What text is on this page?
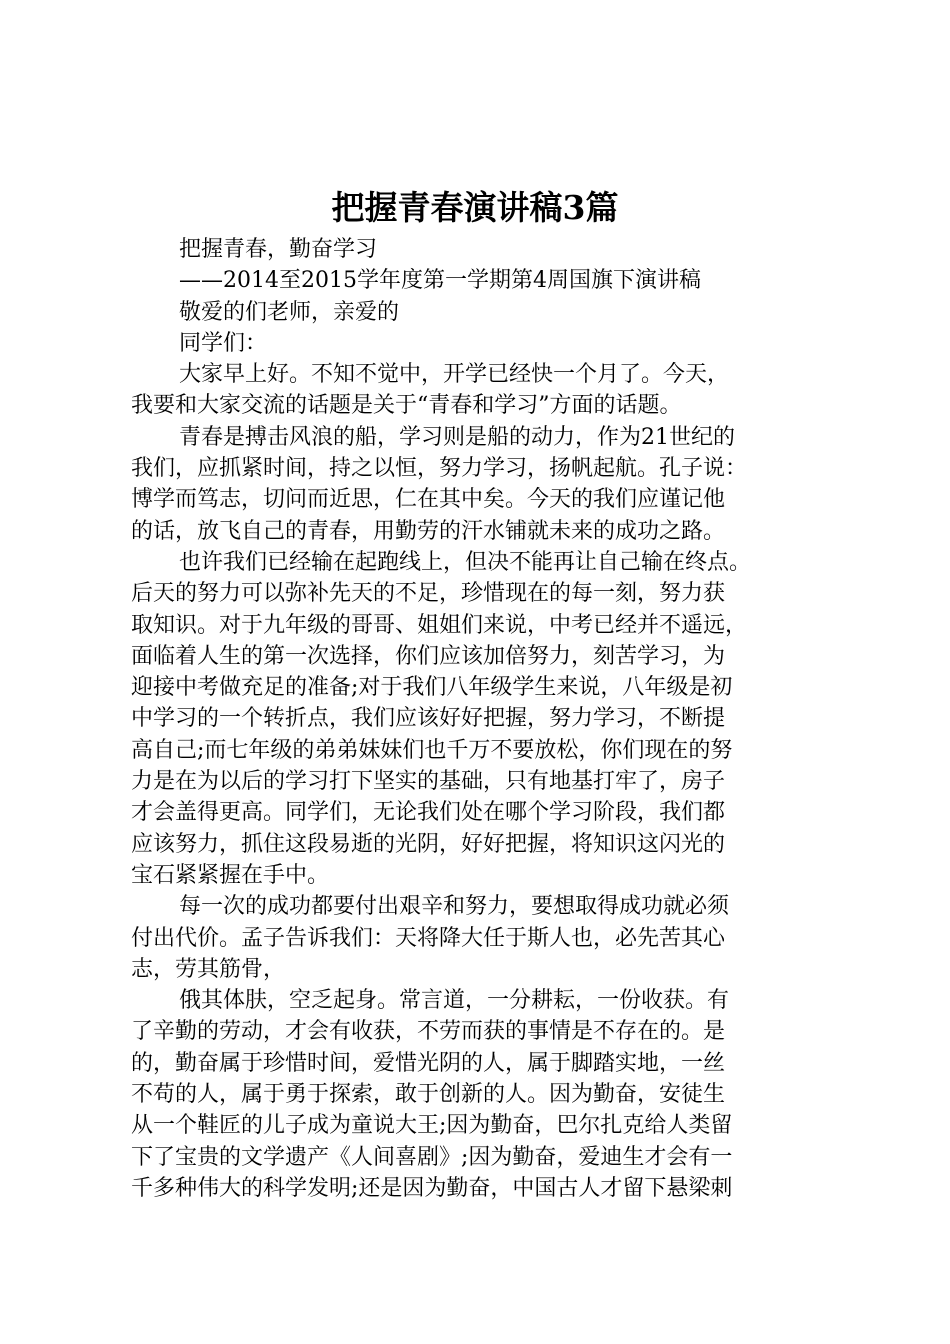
把握青春演讲稿3篇
把握青春，勤奋学习
——2014至2015学年度第一学期第4周国旗下演讲稿
敬爱的们老师，亲爱的
同学们：
大家早上好。不知不觉中，开学已经快一个月了。今天，
我要和大家交流的话题是关于“青春和学习”方面的话题。
青春是搏击风浪的船，学习则是船的动力，作为21世纪的
我们，应抓紧时间，持之以恒，努力学习，扬帆起航。孔子说：
博学而笃志，切问而近思，仁在其中矣。今天的我们应谨记他
的话，放飞自己的青春，用勤劳的汗水铺就未来的成功之路。
也许我们已经输在起跑线上，但决不能再让自己输在终点。
后天的努力可以弥补先天的不足，珍惜现在的每一刻，努力获
取知识。对于九年级的哥哥、姐姐们来说，中考已经并不遥远，
面临着人生的第一次选择，你们应该加倍努力，刻苦学习，为
迎接中考做充足的准备;对于我们八年级学生来说，八年级是初
中学习的一个转折点，我们应该好好把握，努力学习，不断提
高自己;而七年级的弟弟妹妹们也千万不要放松，你们现在的努
力是在为以后的学习打下坚实的基础，只有地基打牢了，房子
才会盖得更高。同学们，无论我们处在哪个学习阶段，我们都
应该努力，抓住这段易逝的光阴，好好把握，将知识这闪光的
宝石紧紧握在手中。
每一次的成功都要付出艰辛和努力，要想取得成功就必须
付出代价。孟子告诉我们：天将降大任于斯人也，必先苦其心
志，劳其筋骨，
俄其体肤，空乏起身。常言道，一分耕耘，一份收获。有
了辛勤的劳动，才会有收获，不劳而获的事情是不存在的。是
的，勤奋属于珍惜时间，爱惜光阴的人，属于脚踏实地，一丝
不苟的人，属于勇于探索，敢于创新的人。因为勤奋，安徒生
从一个鞋匠的儿子成为童说大王;因为勤奋，巴尔扎克给人类留
下了宝贵的文学遗产《人间喜剧》;因为勤奋，爱迪生才会有一
千多种伟大的科学发明;还是因为勤奋，中国古人才留下悬梁刺
